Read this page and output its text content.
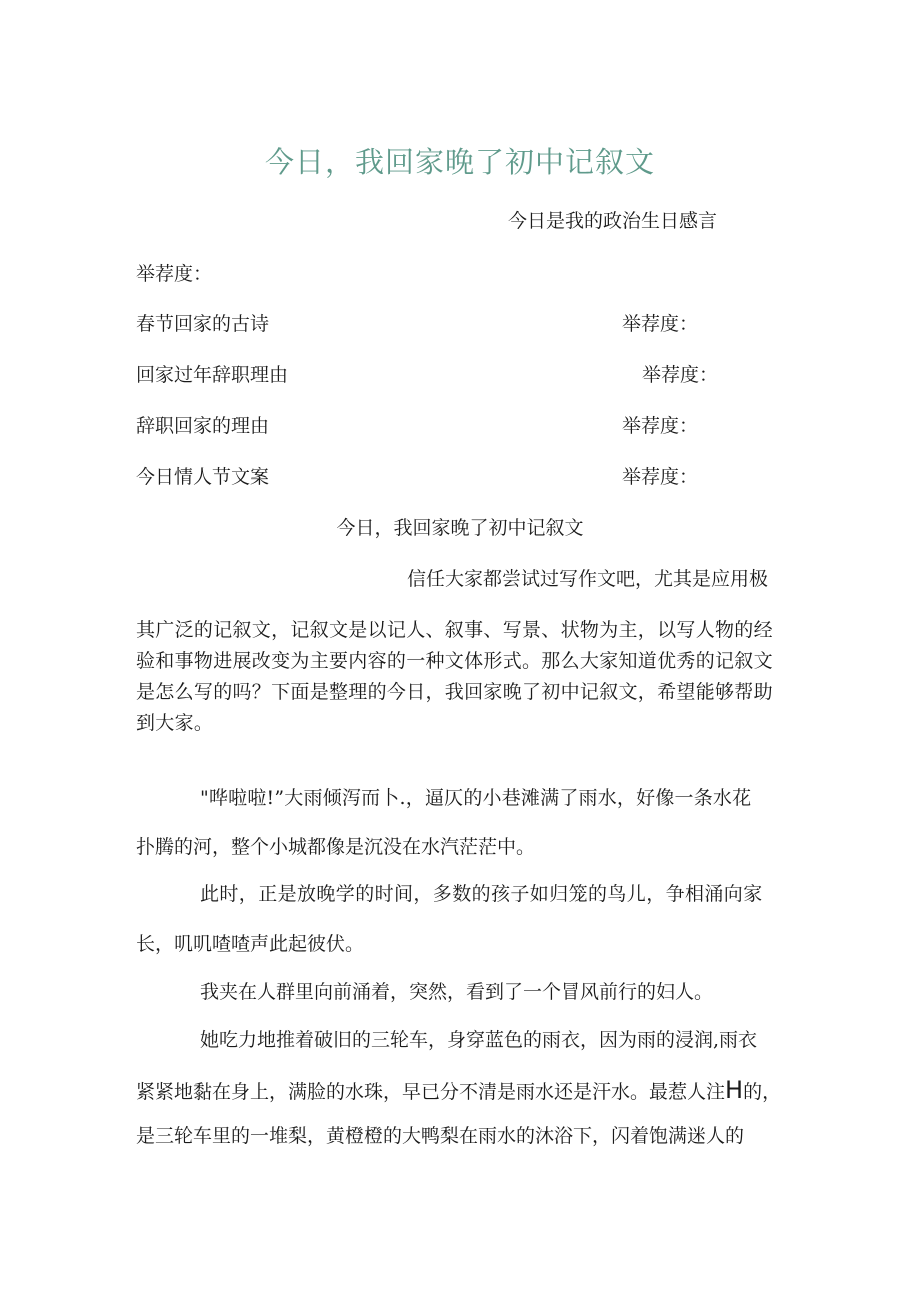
今日，我回家晚了初中记叙文
今日是我的政治生日感言
举荐度：
春节回家的古诗	举荐度：
回家过年辞职理由	举荐度：
辞职回家的理由	举荐度：
今日情人节文案	举荐度：
今日，我回家晚了初中记叙文
信任大家都尝试过写作文吧，尤其是应用极
其广泛的记叙文，记叙文是以记人、叙事、写景、状物为主，以写人物的经验和事物进展改变为主要内容的一种文体形式。那么大家知道优秀的记叙文是怎么写的吗？下面是整理的今日，我回家晚了初中记叙文，希望能够帮助到大家。
"哗啦啦!”大雨倾泻而卜.，逼仄的小巷滩满了雨水，好像一条水花
扑腾的河，整个小城都像是沉没在水汽茫茫中。
此时，正是放晚学的时间，多数的孩子如归笼的鸟儿，争相涌向家
长，叽叽喳喳声此起彼伏。
我夹在人群里向前涌着，突然，看到了一个冒风前行的妇人。
她吃力地推着破旧的三轮车，身穿蓝色的雨衣，因为雨的浸润,雨衣
紧紧地黏在身上，满脸的水珠，早已分不清是雨水还是汗水。最惹人注H的，
是三轮车里的一堆梨，黄橙橙的大鸭梨在雨水的沐浴下，闪着饱满迷人的
